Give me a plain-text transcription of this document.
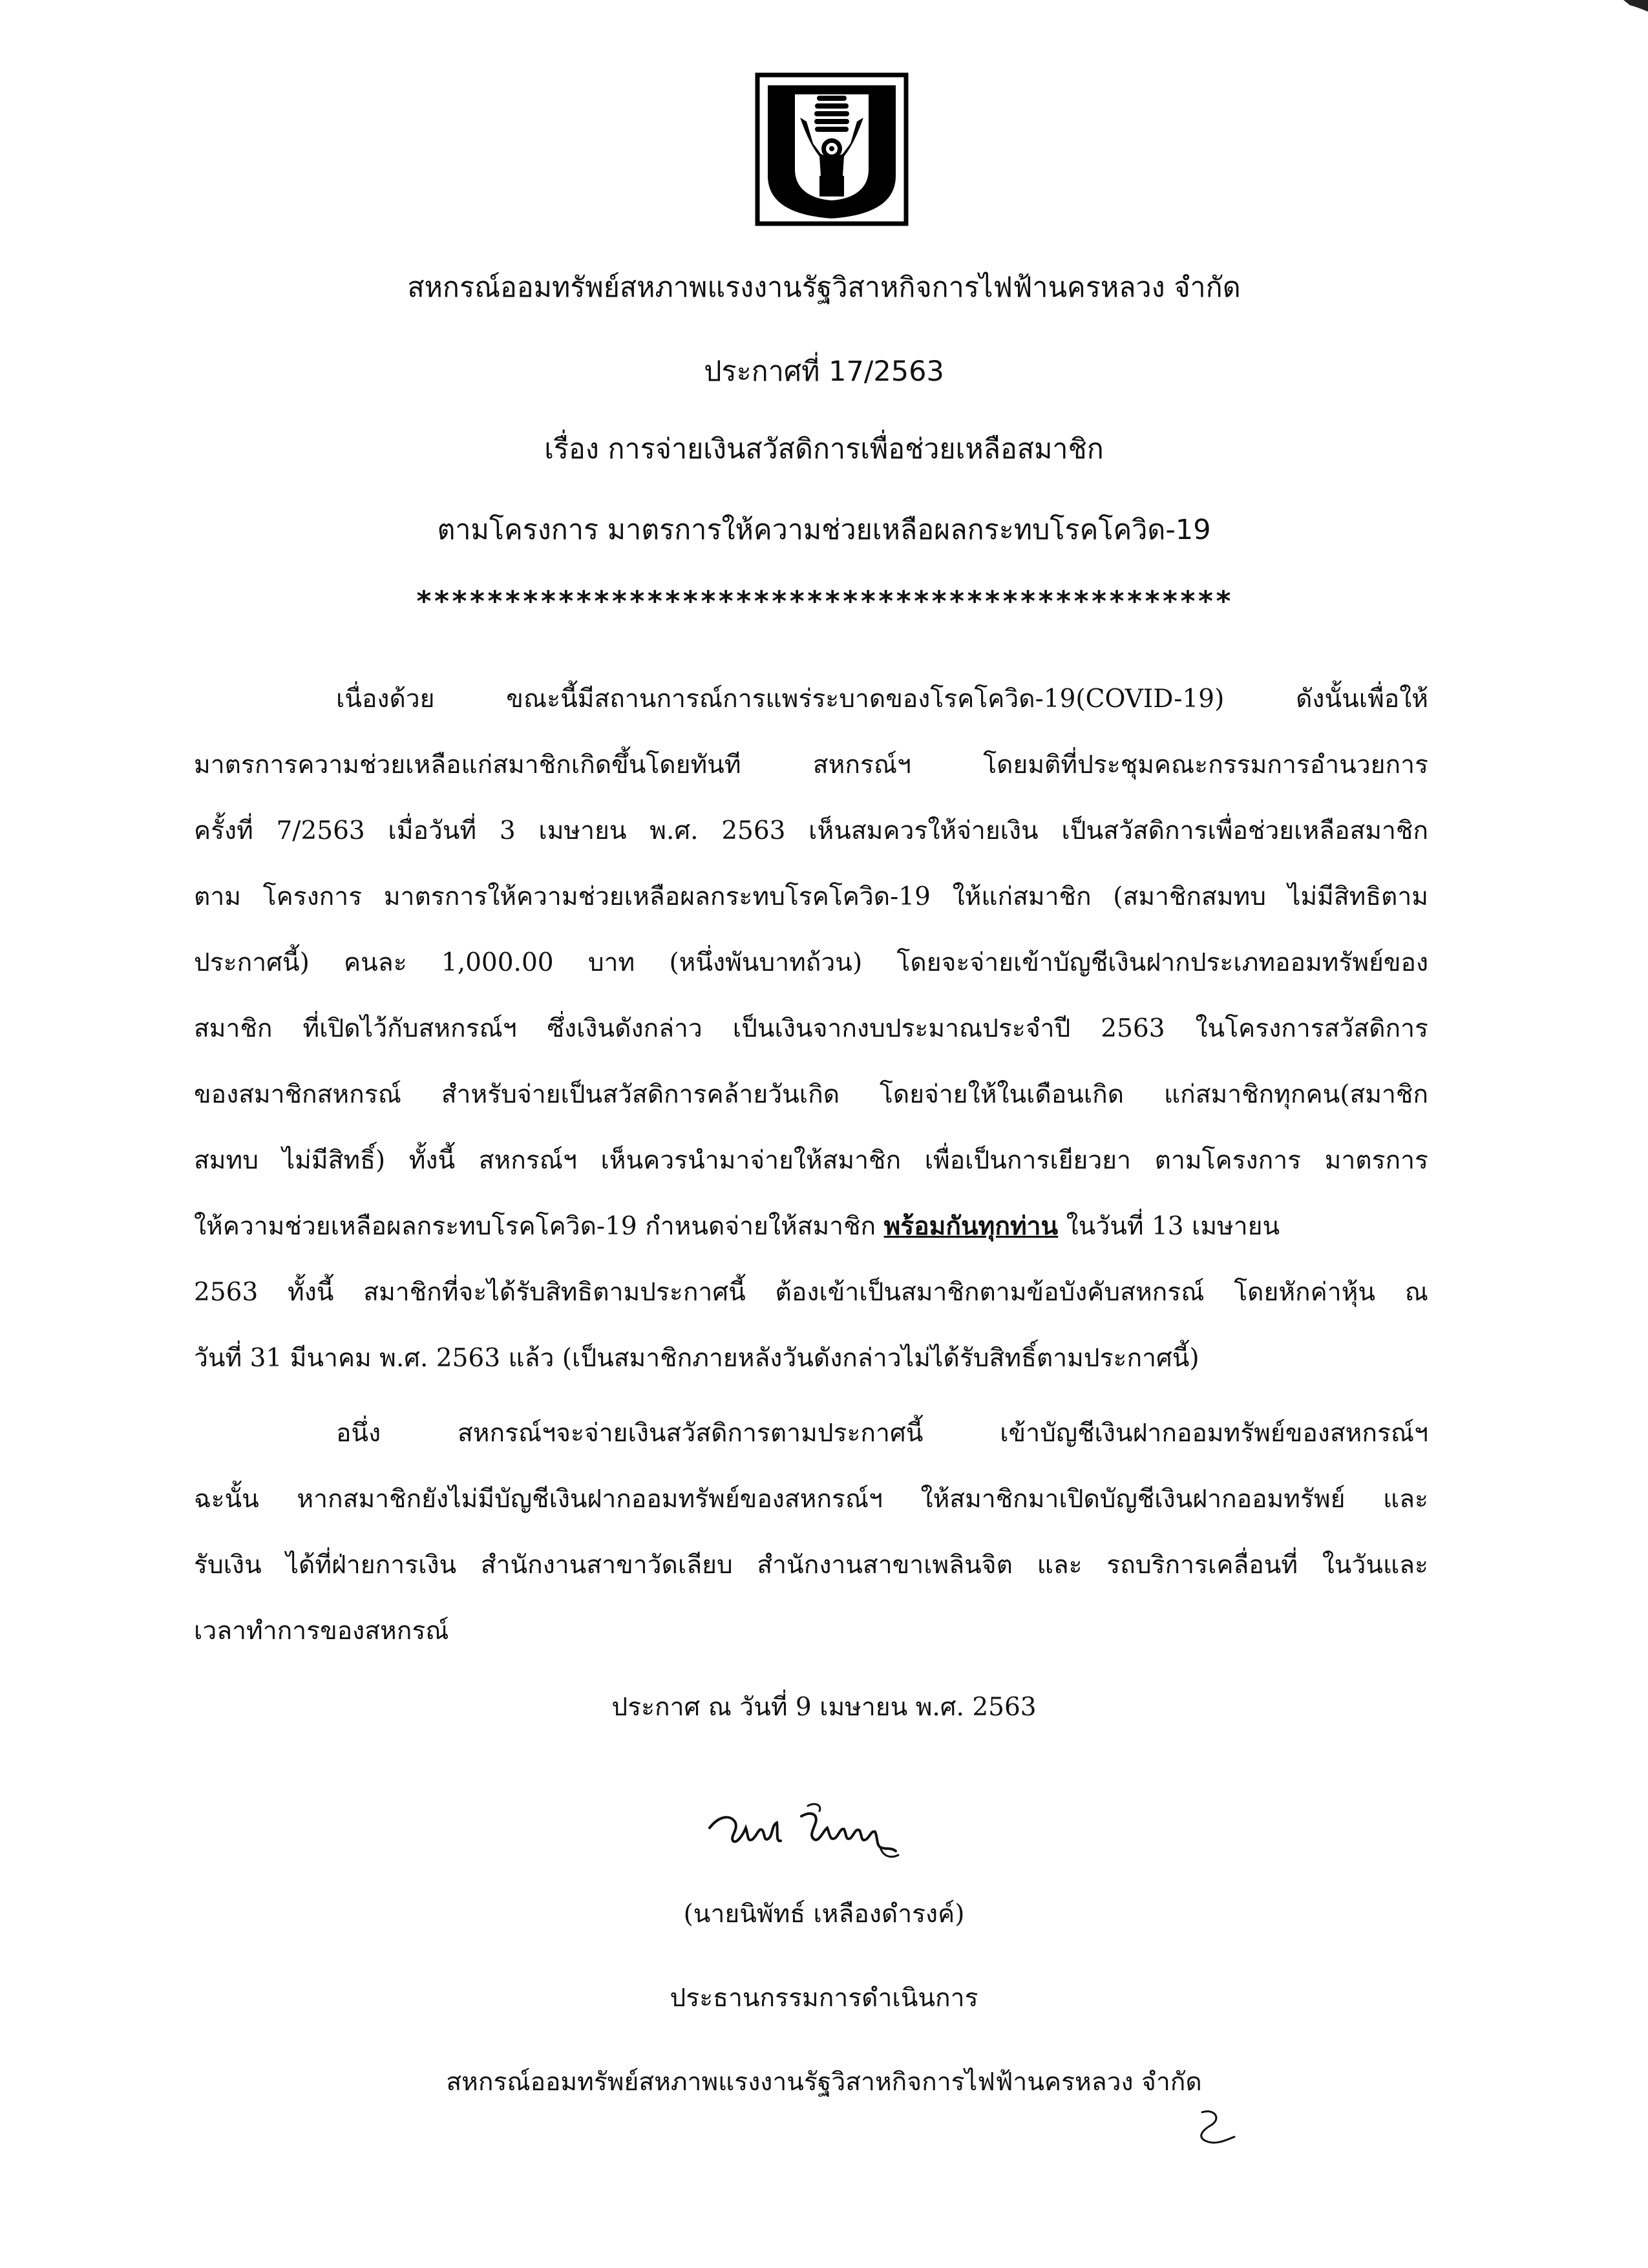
สหกรณ์ออมทรัพย์สหภาพแรงงานรัฐวิสาหกิจการไฟฟ้านครหลวง จำกัด
ประกาศที่ 17/2563
เรื่อง การจ่ายเงินสวัสดิการเพื่อช่วยเหลือสมาชิก
ตามโครงการ มาตรการให้ความช่วยเหลือผลกระทบโรคโควิด-19
**********************************************
เนื่องด้วย ขณะนี้มีสถานการณ์การแพร่ระบาดของโรคโควิด-19(COVID-19) ดังนั้นเพื่อให้
มาตรการความช่วยเหลือแก่สมาชิกเกิดขึ้นโดยทันที สหกรณ์ฯ โดยมติที่ประชุมคณะกรรมการอำนวยการ
ครั้งที่ 7/2563 เมื่อวันที่ 3 เมษายน พ.ศ. 2563 เห็นสมควรให้จ่ายเงิน เป็นสวัสดิการเพื่อช่วยเหลือสมาชิก
ตาม โครงการ มาตรการให้ความช่วยเหลือผลกระทบโรคโควิด-19 ให้แก่สมาชิก (สมาชิกสมทบ ไม่มีสิทธิตาม
ประกาศนี้) คนละ 1,000.00 บาท (หนึ่งพันบาทถ้วน) โดยจะจ่ายเข้าบัญชีเงินฝากประเภทออมทรัพย์ของ
สมาชิก ที่เปิดไว้กับสหกรณ์ฯ ซึ่งเงินดังกล่าว เป็นเงินจากงบประมาณประจำปี 2563 ในโครงการสวัสดิการ
ของสมาชิกสหกรณ์ สำหรับจ่ายเป็นสวัสดิการคล้ายวันเกิด โดยจ่ายให้ในเดือนเกิด แก่สมาชิกทุกคน(สมาชิก
สมทบ ไม่มีสิทธิ์) ทั้งนี้ สหกรณ์ฯ เห็นควรนำมาจ่ายให้สมาชิก เพื่อเป็นการเยียวยา ตามโครงการ มาตรการ
ให้ความช่วยเหลือผลกระทบโรคโควิด-19 กำหนดจ่ายให้สมาชิก พร้อมกันทุกท่าน ในวันที่ 13 เมษายน
2563 ทั้งนี้ สมาชิกที่จะได้รับสิทธิตามประกาศนี้ ต้องเข้าเป็นสมาชิกตามข้อบังคับสหกรณ์ โดยหักค่าหุ้น ณ
วันที่ 31 มีนาคม พ.ศ. 2563 แล้ว (เป็นสมาชิกภายหลังวันดังกล่าวไม่ได้รับสิทธิ์ตามประกาศนี้)
อนึ่ง สหกรณ์ฯจะจ่ายเงินสวัสดิการตามประกาศนี้ เข้าบัญชีเงินฝากออมทรัพย์ของสหกรณ์ฯ
ฉะนั้น หากสมาชิกยังไม่มีบัญชีเงินฝากออมทรัพย์ของสหกรณ์ฯ ให้สมาชิกมาเปิดบัญชีเงินฝากออมทรัพย์ และ
รับเงิน ได้ที่ฝ่ายการเงิน สำนักงานสาขาวัดเลียบ สำนักงานสาขาเพลินจิต และ รถบริการเคลื่อนที่ ในวันและ
เวลาทำการของสหกรณ์
ประกาศ ณ วันที่ 9 เมษายน พ.ศ. 2563
(นายนิพัทธ์ เหลืองดำรงค์)
ประธานกรรมการดำเนินการ
สหกรณ์ออมทรัพย์สหภาพแรงงานรัฐวิสาหกิจการไฟฟ้านครหลวง จำกัด
